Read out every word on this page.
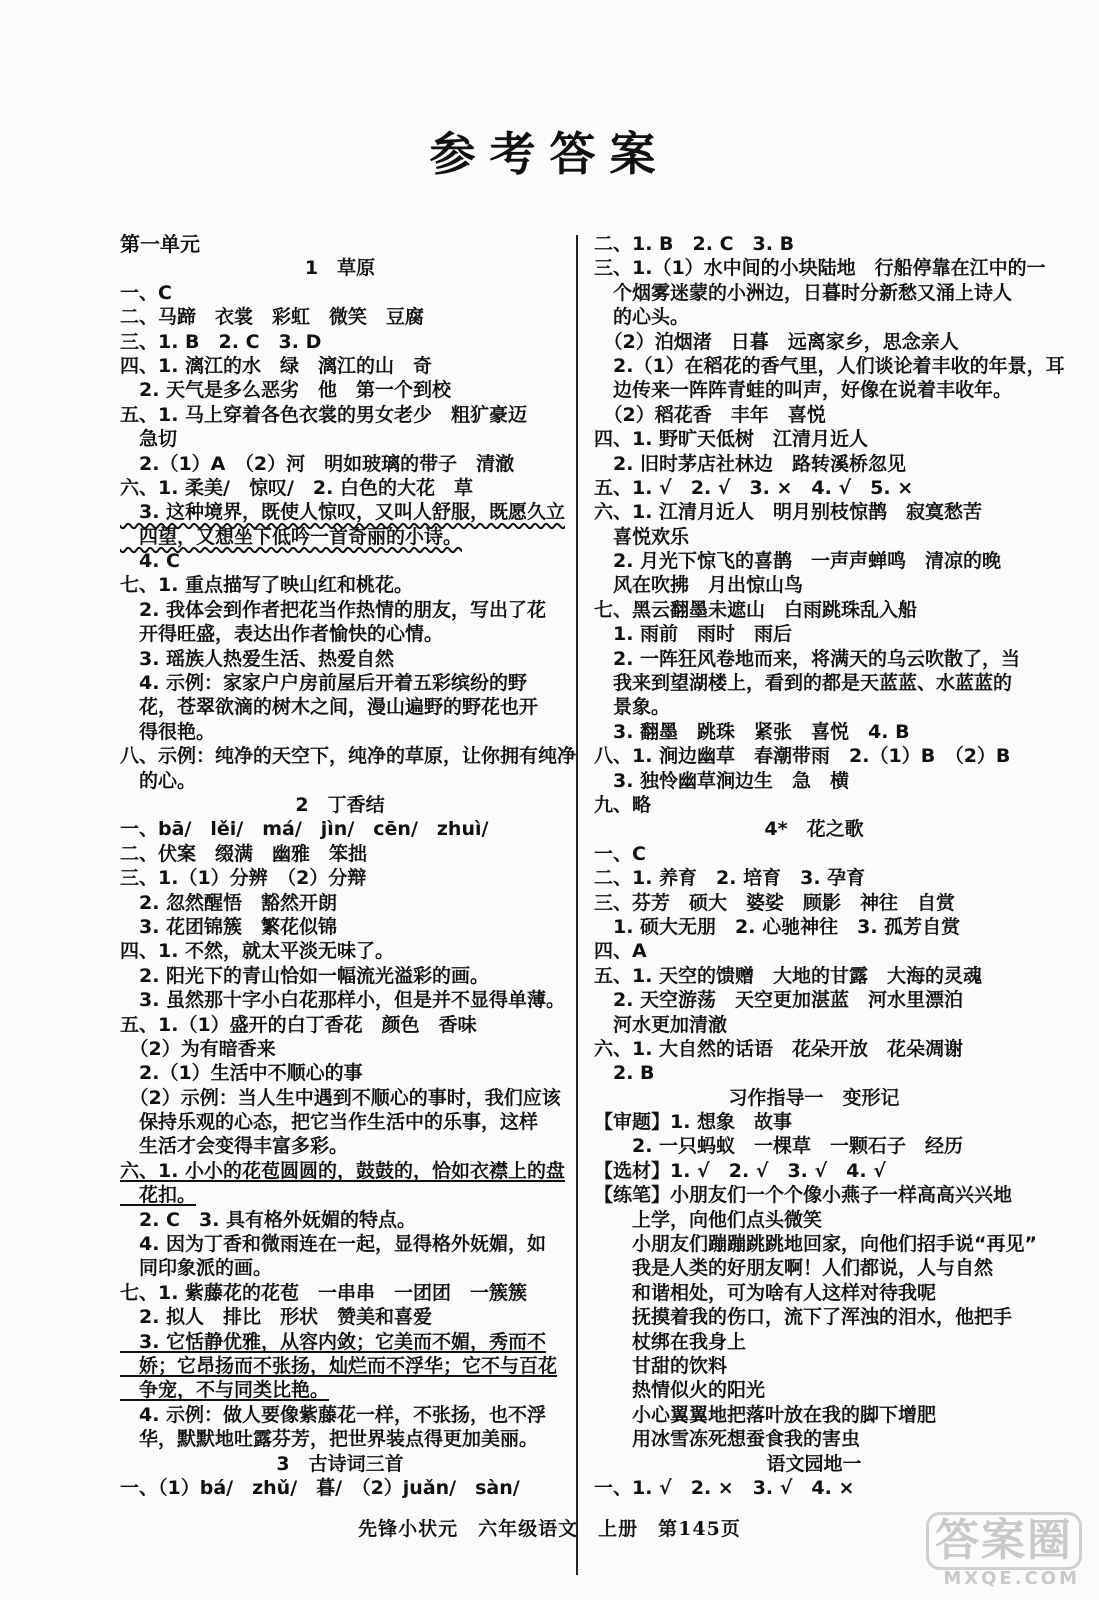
参考答案
第一单元
1　草原
一、C
二、马蹄　衣裳　彩虹　微笑　豆腐
三、1. B　2. C　3. D
四、1. 漓江的水　绿　漓江的山　奇
　2. 天气是多么恶劣　他　第一个到校
五、1. 马上穿着各色衣裳的男女老少　粗犷豪迈
　急切
　2.（1）A　（2）河　明如玻璃的带子　清澈
六、1. 柔美/　惊叹/　2. 白色的大花　草
　3. 这种境界，既使人惊叹，又叫人舒服，既愿久立
　四望，又想坐下低吟一首奇丽的小诗。
　4. C
七、1. 重点描写了映山红和桃花。
　2. 我体会到作者把花当作热情的朋友，写出了花
　开得旺盛，表达出作者愉快的心情。
　3. 瑶族人热爱生活、热爱自然
　4. 示例：家家户户房前屋后开着五彩缤纷的野
　花，苍翠欲滴的树木之间，漫山遍野的野花也开
　得很艳。
八、示例：纯净的天空下，纯净的草原，让你拥有纯净
　的心。
2　丁香结
一、bā/　lěi/　má/　jìn/　cēn/　zhuì/
二、伏案　缀满　幽雅　笨拙
三、1.（1）分辨　（2）分辩
　2. 忽然醒悟　豁然开朗
　3. 花团锦簇　繁花似锦
四、1. 不然，就太平淡无味了。
　2. 阳光下的青山恰如一幅流光溢彩的画。
　3. 虽然那十字小白花那样小，但是并不显得单薄。
五、1.（1）盛开的白丁香花　颜色　香味
　（2）为有暗香来
　2.（1）生活中不顺心的事
　（2）示例：当人生中遇到不顺心的事时，我们应该
　保持乐观的心态，把它当作生活中的乐事，这样
　生活才会变得丰富多彩。
六、1. 小小的花苞圆圆的，鼓鼓的，恰如衣襟上的盘
　花扣。
　2. C　3. 具有格外妩媚的特点。
　4. 因为丁香和微雨连在一起，显得格外妩媚，如
　同印象派的画。
七、1. 紫藤花的花苞　一串串　一团团　一簇簇
　2. 拟人　排比　形状　赞美和喜爱
　3. 它恬静优雅，从容内敛；它美而不媚，秀而不
　娇；它昂扬而不张扬，灿烂而不浮华；它不与百花
　争宠，不与同类比艳。
　4. 示例：做人要像紫藤花一样，不张扬，也不浮
　华，默默地吐露芬芳，把世界装点得更加美丽。
3　古诗词三首
一、（1）bá/　zhǔ/　暮/　（2）juǎn/　sàn/
二、1. B　2. C　3. B
三、1.（1）水中间的小块陆地　行船停靠在江中的一
　个烟雾迷蒙的小洲边，日暮时分新愁又涌上诗人
　的心头。
　（2）泊烟渚　日暮　远离家乡，思念亲人
　2.（1）在稻花的香气里，人们谈论着丰收的年景，耳
　边传来一阵阵青蛙的叫声，好像在说着丰收年。
　（2）稻花香　丰年　喜悦
四、1. 野旷天低树　江清月近人
　2. 旧时茅店社林边　路转溪桥忽见
五、1. √　2. √　3. ×　4. √　5. ×
六、1. 江清月近人　明月别枝惊鹊　寂寞愁苦
　喜悦欢乐
　2. 月光下惊飞的喜鹊　一声声蝉鸣　清凉的晚
　风在吹拂　月出惊山鸟
七、黑云翻墨未遮山　白雨跳珠乱入船
　1. 雨前　雨时　雨后
　2. 一阵狂风卷地而来，将满天的乌云吹散了，当
　我来到望湖楼上，看到的都是天蓝蓝、水蓝蓝的
　景象。
　3. 翻墨　跳珠　紧张　喜悦　4. B
八、1. 涧边幽草　春潮带雨　2.（1）B　（2）B
　3. 独怜幽草涧边生　急　横
九、略
4*　花之歌
一、C
二、1. 养育　2. 培育　3. 孕育
三、芬芳　硕大　婆娑　顾影　神往　自赏
　1. 硕大无朋　2. 心驰神往　3. 孤芳自赏
四、A
五、1. 天空的馈赠　大地的甘露　大海的灵魂
　2. 天空游荡　天空更加湛蓝　河水里漂泊
　河水更加清澈
六、1. 大自然的话语　花朵开放　花朵凋谢
　2. B
习作指导一　变形记
【审题】1. 想象　故事
　　2. 一只蚂蚁　一棵草　一颗石子　经历
【选材】1. √　2. √　3. √　4. √
【练笔】小朋友们一个个像小燕子一样高高兴兴地
　　上学，向他们点头微笑
　　小朋友们蹦蹦跳跳地回家，向他们招手说“再见”
　　我是人类的好朋友啊！人们都说，人与自然
　　和谐相处，可为啥有人这样对待我呢
　　抚摸着我的伤口，流下了浑浊的泪水，他把手
　　杖绑在我身上
　　甘甜的饮料
　　热情似火的阳光
　　小心翼翼地把落叶放在我的脚下增肥
　　用冰雪冻死想蚕食我的害虫
语文园地一
一、1. √　2. ×　3. √　4. ×
先锋小状元　六年级语文　上册　第145页	答案圈
MXQE.COM
